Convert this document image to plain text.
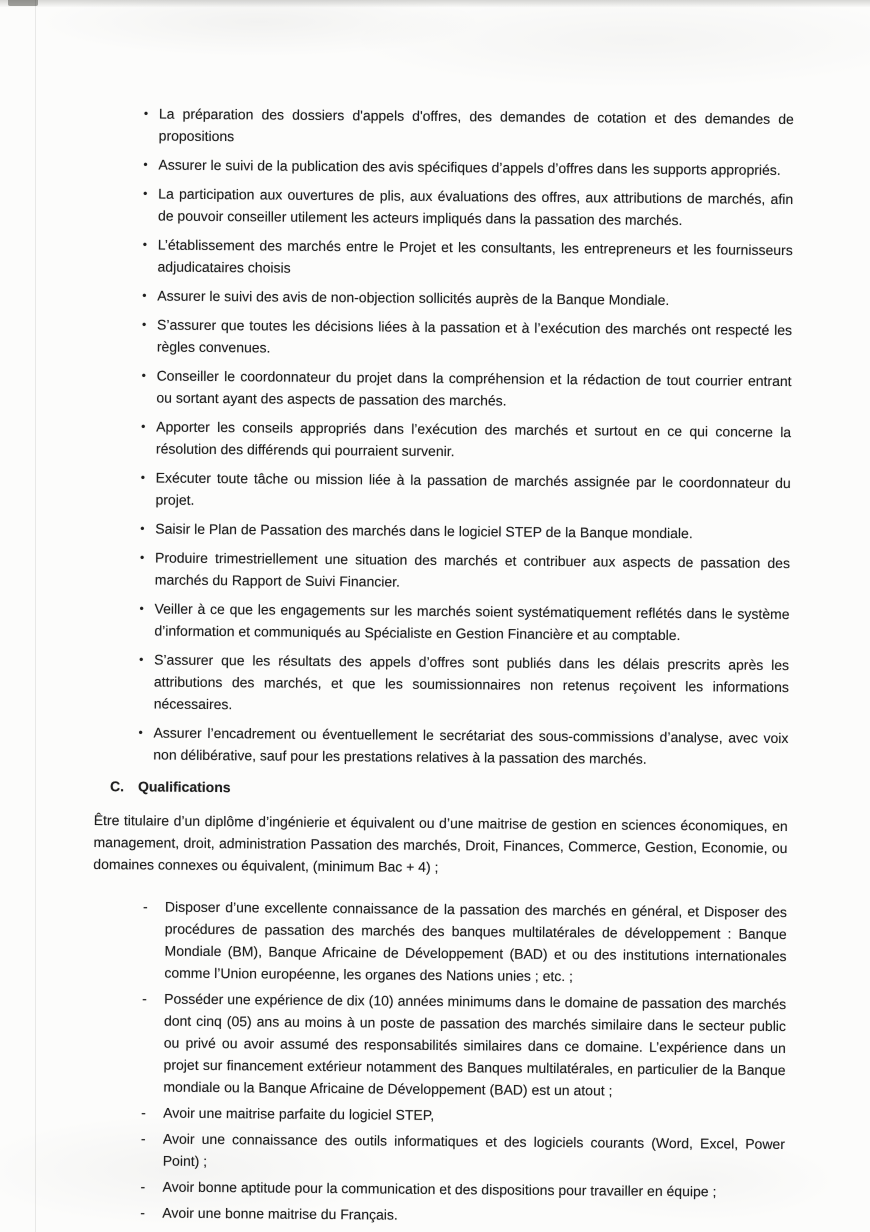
• La préparation des dossiers d'appels d'offres, des demandes de cotation et des demandes de propositions
• Assurer le suivi de la publication des avis spécifiques d’appels d’offres dans les supports appropriés.
• La participation aux ouvertures de plis, aux évaluations des offres, aux attributions de marchés, afin de pouvoir conseiller utilement les acteurs impliqués dans la passation des marchés.
• L’établissement des marchés entre le Projet et les consultants, les entrepreneurs et les fournisseurs adjudicataires choisis
• Assurer le suivi des avis de non-objection sollicités auprès de la Banque Mondiale.
• S’assurer que toutes les décisions liées à la passation et à l’exécution des marchés ont respecté les règles convenues.
• Conseiller le coordonnateur du projet dans la compréhension et la rédaction de tout courrier entrant ou sortant ayant des aspects de passation des marchés.
• Apporter les conseils appropriés dans l’exécution des marchés et surtout en ce qui concerne la résolution des différends qui pourraient survenir.
• Exécuter toute tâche ou mission liée à la passation de marchés assignée par le coordonnateur du projet.
• Saisir le Plan de Passation des marchés dans le logiciel STEP de la Banque mondiale.
• Produire trimestriellement une situation des marchés et contribuer aux aspects de passation des marchés du Rapport de Suivi Financier.
• Veiller à ce que les engagements sur les marchés soient systématiquement reflétés dans le système d’information et communiqués au Spécialiste en Gestion Financière et au comptable.
• S’assurer que les résultats des appels d’offres sont publiés dans les délais prescrits après les attributions des marchés, et que les soumissionnaires non retenus reçoivent les informations nécessaires.
• Assurer l’encadrement ou éventuellement le secrétariat des sous-commissions d’analyse, avec voix non délibérative, sauf pour les prestations relatives à la passation des marchés.
C. Qualifications

Être titulaire d’un diplôme d’ingénierie et équivalent ou d’une maitrise de gestion en sciences économiques, en management, droit, administration Passation des marchés, Droit, Finances, Commerce, Gestion, Economie, ou domaines connexes ou équivalent, (minimum Bac + 4) ;

-	Disposer d’une excellente connaissance de la passation des marchés en général, et Disposer des procédures de passation des marchés des banques multilatérales de développement : Banque Mondiale (BM), Banque Africaine de Développement (BAD) et ou des institutions internationales comme l’Union européenne, les organes des Nations unies ; etc. ;
-	Posséder une expérience de dix (10) années minimums dans le domaine de passation des marchés dont cinq (05) ans au moins à un poste de passation des marchés similaire dans le secteur public ou privé ou avoir assumé des responsabilités similaires dans ce domaine. L’expérience dans un projet sur financement extérieur notamment des Banques multilatérales, en particulier de la Banque mondiale ou la Banque Africaine de Développement (BAD) est un atout ;
-	Avoir une maitrise parfaite du logiciel STEP,
-	Avoir une connaissance des outils informatiques et des logiciels courants (Word, Excel, Power Point) ;
-	Avoir bonne aptitude pour la communication et des dispositions pour travailler en équipe ;
-	Avoir une bonne maitrise du Français.
